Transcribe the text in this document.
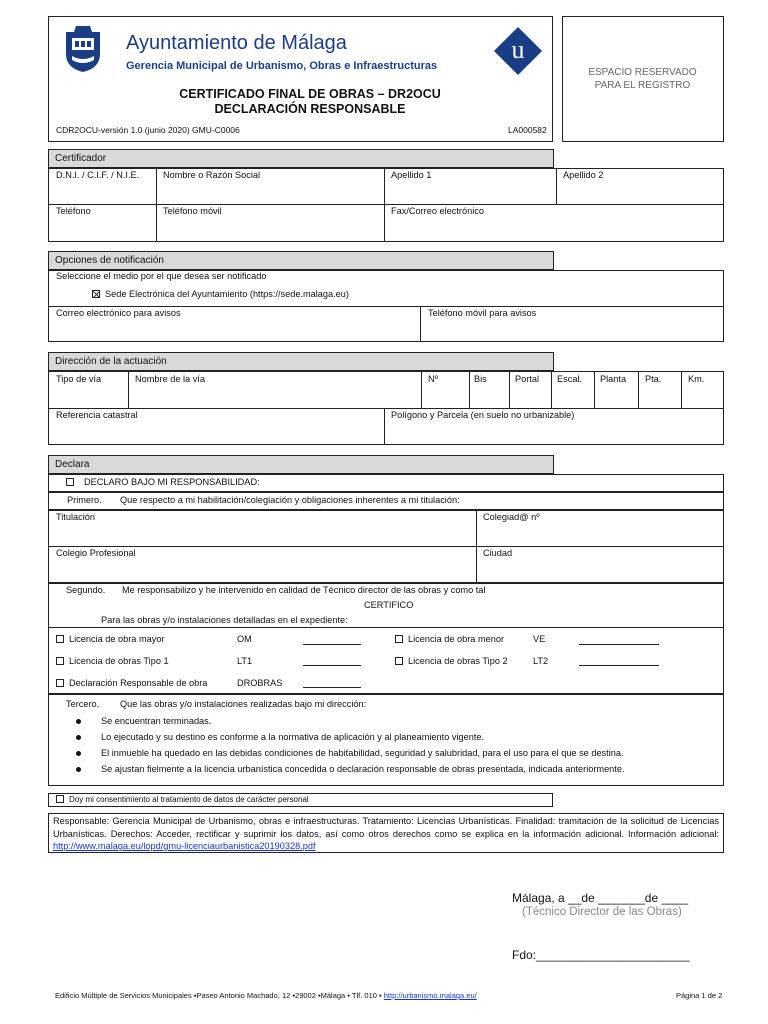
Ayuntamiento de Málaga
Gerencia Municipal de Urbanismo, Obras e Infraestructuras
CERTIFICADO FINAL DE OBRAS – DR2OCU
DECLARACIÓN RESPONSABLE
CDR2OCU-versión 1.0 (junio 2020) GMU-C0006	LA000582
u
ESPACIO RESERVADO PARA EL REGISTRO
Certificador
D.N.I. / C.I.F. / N.I.E.	Nombre o Razón Social	Apellido 1	Apellido 2
Teléfono	Teléfono móvil	Fax/Correo electrónico
Opciones de notificación
Seleccione el medio por el que desea ser notificado
Sede Electrónica del Ayuntamiento (https://sede.malaga.eu)
Correo electrónico para avisos	Teléfono móvil para avisos
Dirección de la actuación
Tipo de vía	Nombre de la vía	Nº	Bis	Portal Escal. Planta Pta.	Km.
Referencia catastral	Polígono y Parcela (en suelo no urbanizable)
Declara
DECLARO BAJO MI RESPONSABILIDAD:
Primero. Que respecto a mi habilitación/colegiación y obligaciones inherentes a mi titulación:
Titulación	Colegiad@ nº
Colegio Profesional	Ciudad
Segundo. Me responsabilizo y he intervenido en calidad de Técnico director de las obras y como tal
CERTIFICO
Para las obras y/o instalaciones detalladas en el expediente:
Licencia de obra mayor	OM	Licencia de obra menor	VE
Licencia de obras Tipo 1	LT1	Licencia de obras Tipo 2	LT2
Declaración Responsable de obra	DROBRAS
Tercero. Que las obras y/o instalaciones realizadas bajo mi dirección:
Se encuentran terminadas.
Lo ejecutado y su destino es conforme a la normativa de aplicación y al planeamiento vigente.
El inmueble ha quedado en las debidas condiciones de habitabilidad, seguridad y salubridad, para el uso para el que se destina.
Se ajustan fielmente a la licencia urbanística concedida o declaración responsable de obras presentada, indicada anteriormente.
Doy mi consentimiento al tratamiento de datos de carácter personal
Responsable: Gerencia Municipal de Urbanismo, obras e infraestructuras. Tratamiento: Licencias Urbanísticas. Finalidad: tramitación de la solicitud de Licencias Urbanísticas. Derechos: Acceder, rectificar y suprimir los datos, así como otros derechos como se explica en la información adicional. Información adicional: http://www.malaga.eu/lopd/gmu-licenciaurbanistica20190328.pdf
Málaga, a __de _______de ____
(Técnico Director de las Obras)
Fdo:_______________________
Edificio Múltiple de Servicios Municipales ▪Paseo Antonio Machado, 12 ▪29002 ▪Málaga ▪ Tlf. 010 ▪ http://urbanismo.malaga.eu/	Página 1 de 2
